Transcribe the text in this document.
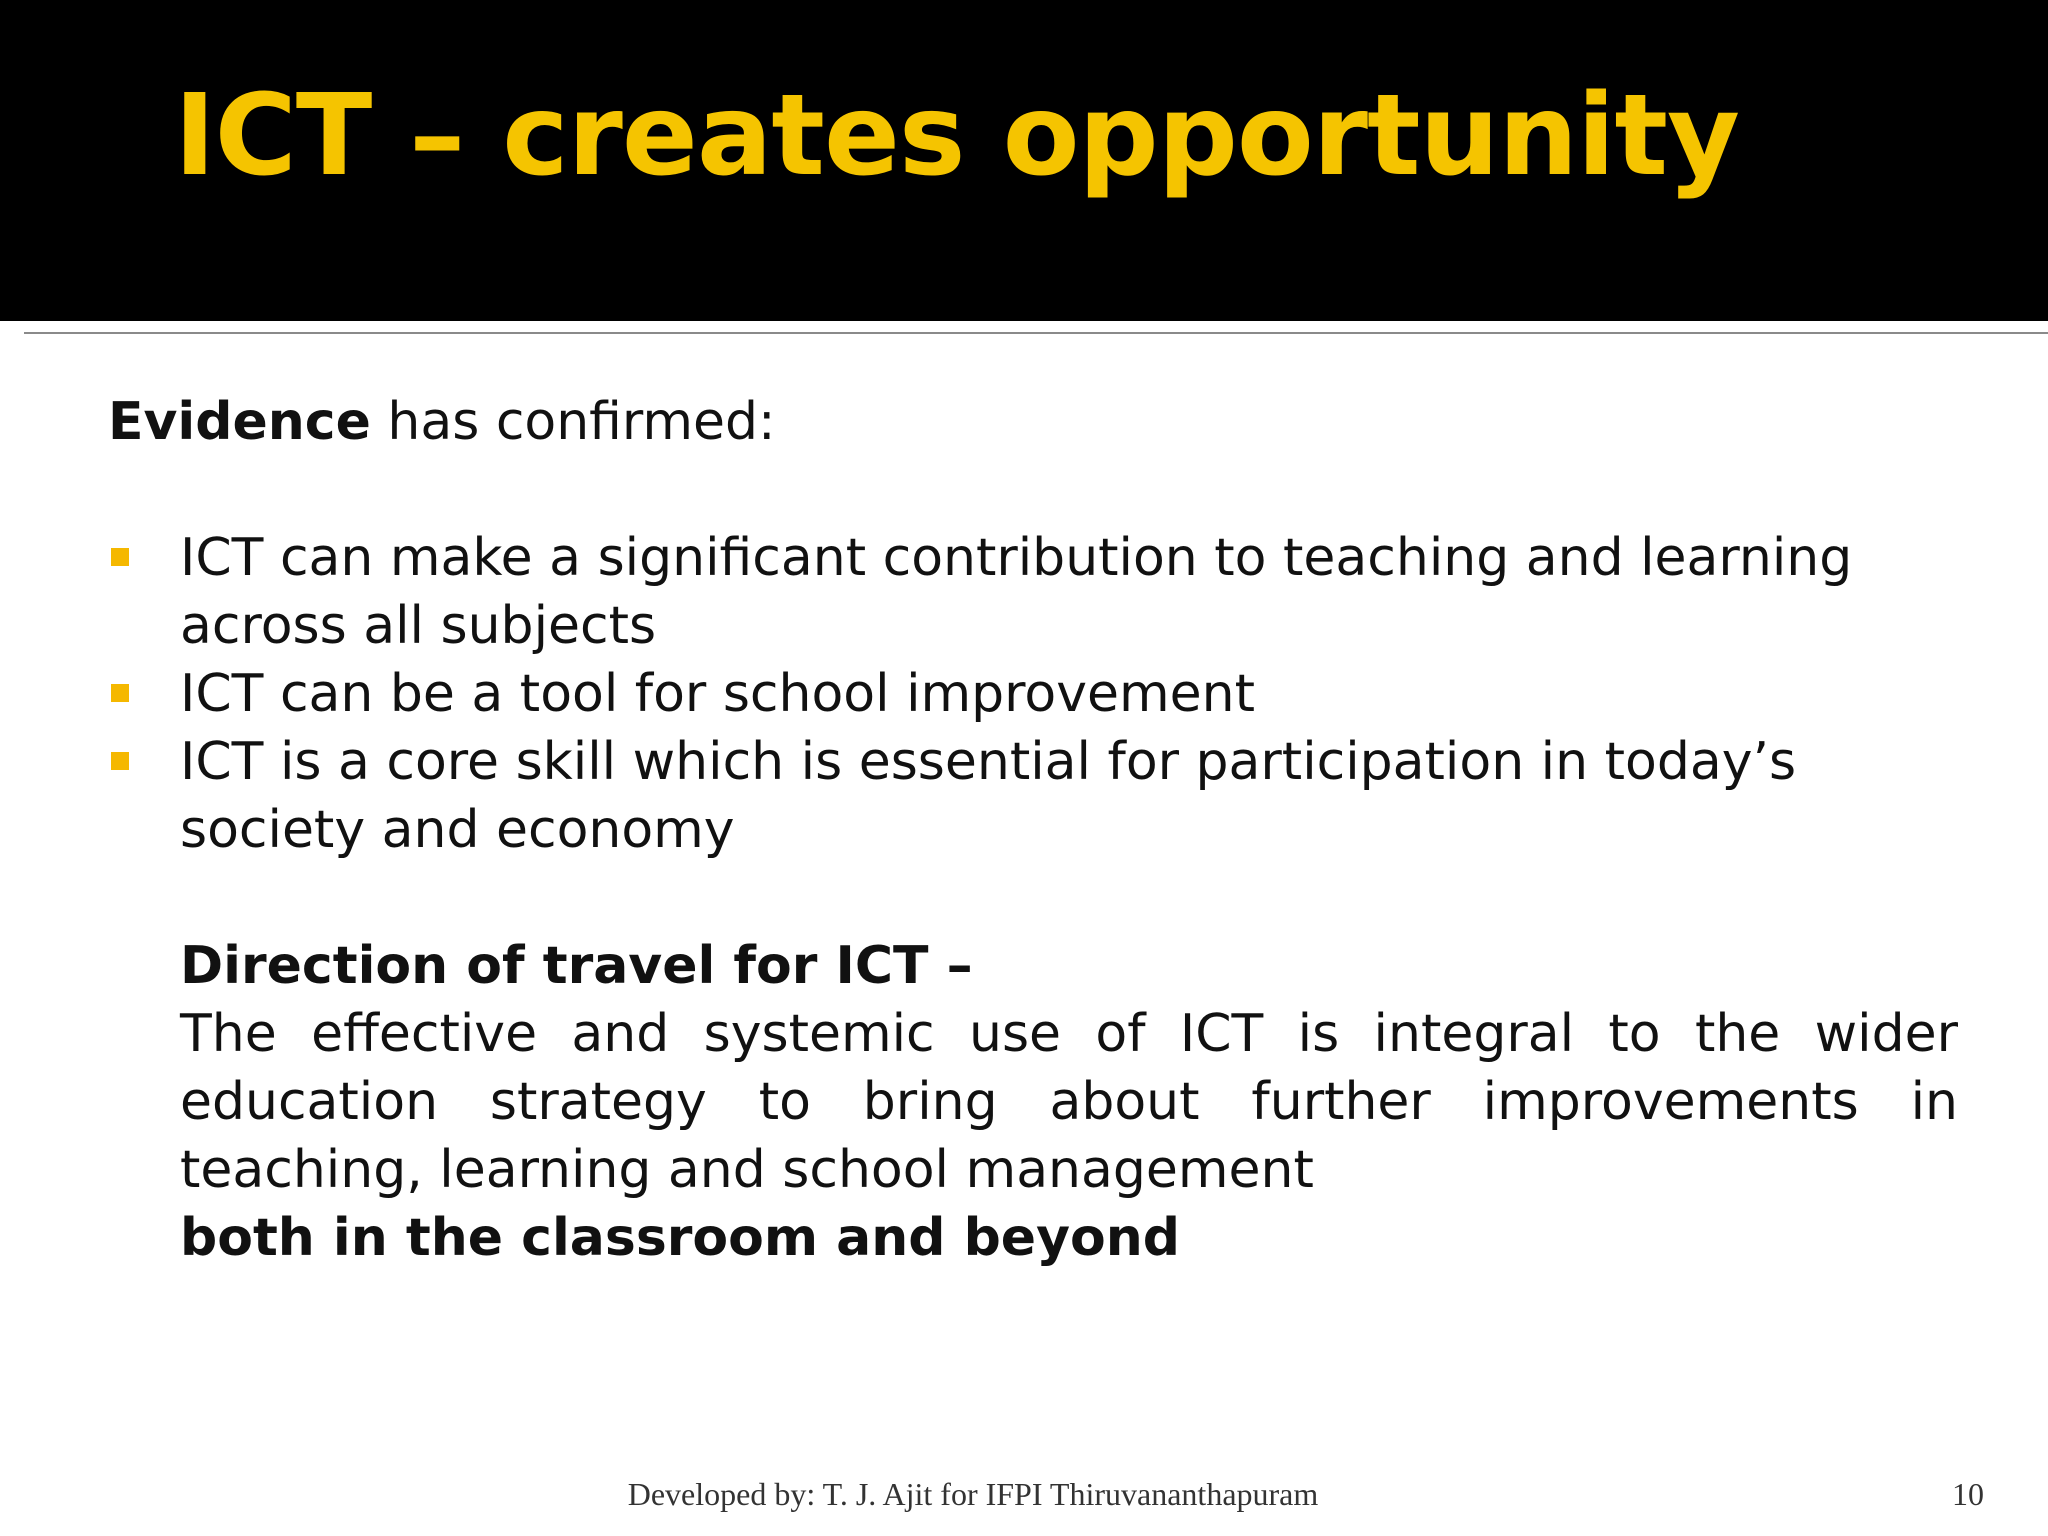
ICT – creates opportunity

Evidence has confirmed:

ICT can make a significant contribution to teaching and learning across all subjects
ICT can be a tool for school improvement
ICT is a core skill which is essential for participation in today’s society and economy

Direction of travel for ICT –

The effective and systemic use of ICT is integral to the wider education strategy to bring about further improvements in teaching, learning and school management

both in the classroom and beyond

Developed by: T. J. Ajit for IFPI Thiruvananthapuram	10
